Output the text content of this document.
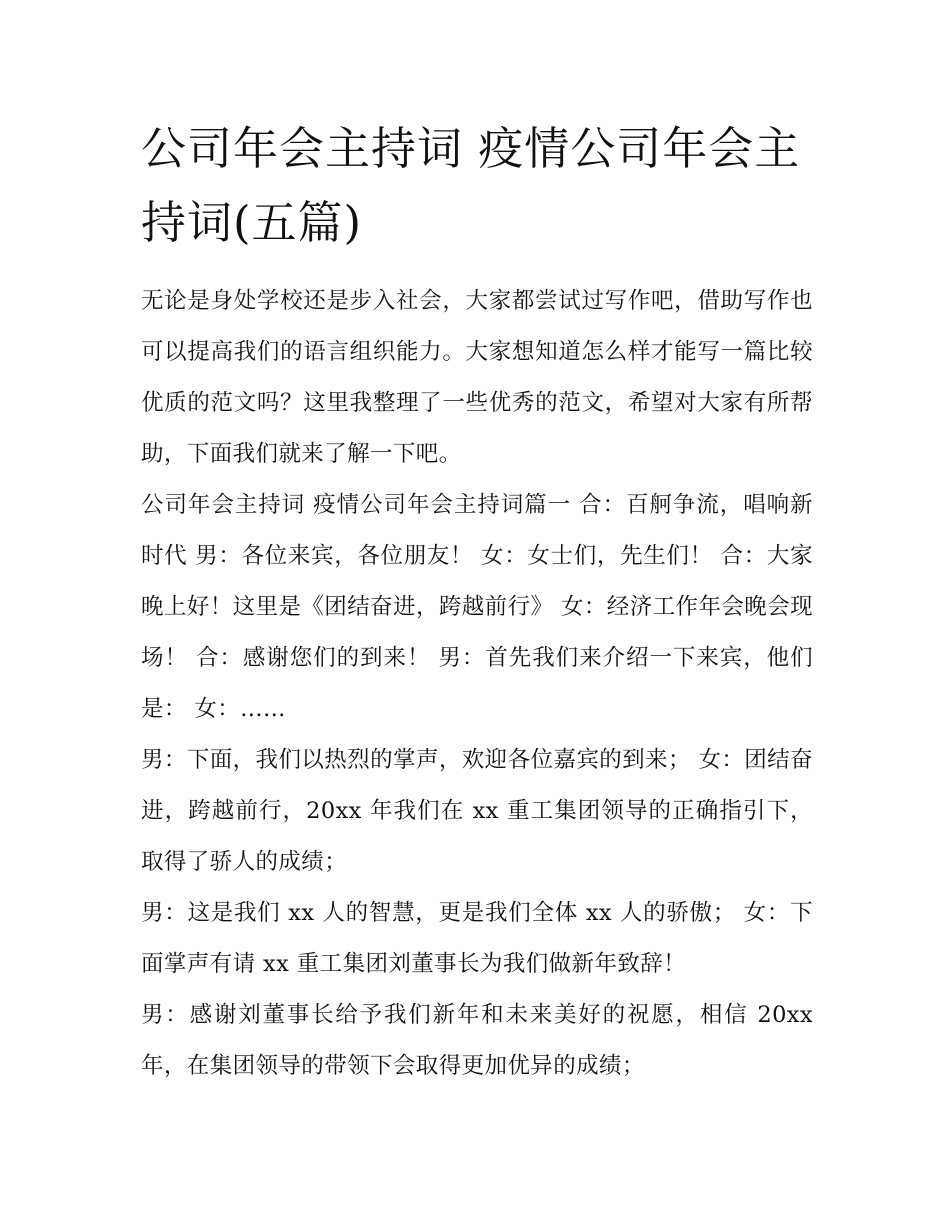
公司年会主持词 疫情公司年会主持词(五篇)

无论是身处学校还是步入社会，大家都尝试过写作吧，借助写作也可以提高我们的语言组织能力。大家想知道怎么样才能写一篇比较优质的范文吗？这里我整理了一些优秀的范文，希望对大家有所帮助，下面我们就来了解一下吧。

公司年会主持词 疫情公司年会主持词篇一 合：百舸争流，唱响新时代 男：各位来宾，各位朋友！ 女：女士们，先生们！ 合：大家晚上好！这里是《团结奋进，跨越前行》 女：经济工作年会晚会现场！ 合：感谢您们的到来！ 男：首先我们来介绍一下来宾，他们是： 女：……

男：下面，我们以热烈的掌声，欢迎各位嘉宾的到来； 女：团结奋进，跨越前行，20xx 年我们在 xx 重工集团领导的正确指引下，取得了骄人的成绩；

男：这是我们 xx 人的智慧，更是我们全体 xx 人的骄傲； 女：下面掌声有请 xx 重工集团刘董事长为我们做新年致辞！

男：感谢刘董事长给予我们新年和未来美好的祝愿，相信 20xx 年，在集团领导的带领下会取得更加优异的成绩；
